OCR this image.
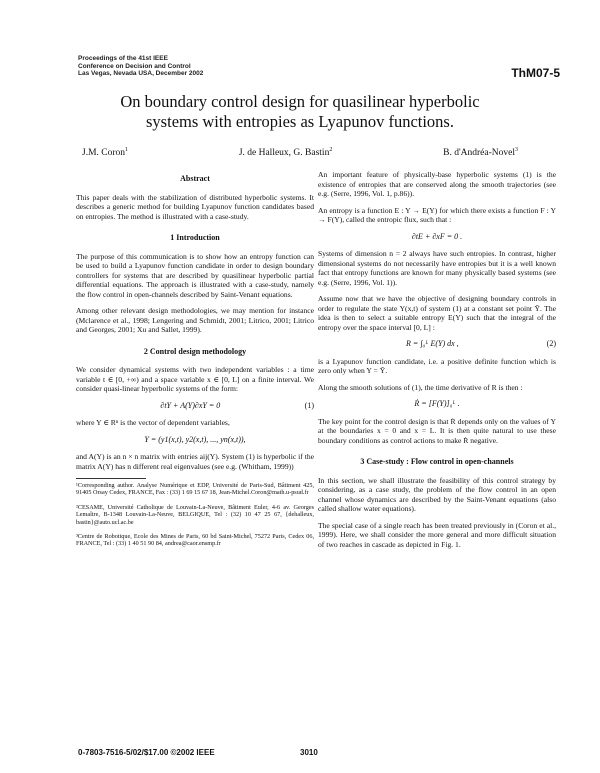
Proceedings of the 41st IEEE
Conference on Decision and Control
Las Vegas, Nevada USA, December 2002	ThM07-5
On boundary control design for quasilinear hyperbolic
systems with entropies as Lyapunov functions.
J.M. Coron$^1$	J. de Halleux, G. Bastin$^2$	B. d'Andréa-Novel$^3$
Abstract

This paper deals with the stabilization of distributed hyperbolic systems. It describes a generic method for building Lyapunov function candidates based on entropies. The method is illustrated with a case-study.

1 Introduction

The purpose of this communication is to show how an entropy function can be used to build a Lyapunov function candidate in order to design boundary controllers for systems that are described by quasilinear hyperbolic partial differential equations. The approach is illustrated with a case-study, namely the flow control in open-channels described by Saint-Venant equations.

Among other relevant design methodologies, we may mention for instance (Mclarence et al., 1998; Lengering and Schmidt, 2001; Litrico, 2001; Litrico and Georges, 2001; Xu and Sallet, 1999).

2 Control design methodology

We consider dynamical systems with two independent variables : a time variable t ∈ [0, +∞) and a space variable x ∈ [0, L] on a finite interval. We consider quasi-linear hyperbolic systems of the form:

∂tY + A(Y)∂xY = 0	(1)

where Y ∈ Rⁿ is the vector of dependent variables,

Y = (y1(x,t), y2(x,t), ..., yn(x,t)),

and A(Y) is an n × n matrix with entries aij(Y). System (1) is hyperbolic if the matrix A(Y) has n different real eigenvalues (see e.g. (Whitham, 1999))

¹Corresponding author. Analyse Numérique et EDP, Université de Paris-Sud, Bâtiment 425, 91405 Orsay Cedex, FRANCE, Fax : (33) 1 69 15 67 18, Jean-Michel.Coron@math.u-psud.fr

²CESAME, Université Catholique de Louvain-La-Neuve, Bâtiment Euler, 4-6 av. Georges Lemaître, B-1348 Louvain-La-Neuve, BELGIQUE, Tel : (32) 10 47 25 67, {dehalleux, bastin}@auto.ucl.ac.be

³Centre de Robotique, Ecole des Mines de Paris, 60 bd Saint-Michel, 75272 Paris, Cedex 06, FRANCE, Tel : (33) 1 40 51 90 84, andrea@caor.ensmp.fr

An important feature of physically-base hyperbolic systems (1) is the existence of entropies that are conserved along the smooth trajectories (see e.g. (Serre, 1996, Vol. 1, p.86)).

An entropy is a function E : Y → E(Y) for which there exists a function F : Y → F(Y), called the entropic flux, such that :

∂tE + ∂xF = 0 .

Systems of dimension n = 2 always have such entropies. In contrast, higher dimensional systems do not necessarily have entropies but it is a well known fact that entropy functions are known for many physically based systems (see e.g. (Serre, 1996, Vol. 1)).

Assume now that we have the objective of designing boundary controls in order to regulate the state Y(x,t) of system (1) at a constant set point Ȳ. The idea is then to select a suitable entropy E(Y) such that the integral of the entropy over the space interval [0, L] :

R = ∫₀ᴸ E(Y) dx ,	(2)

is a Lyapunov function candidate, i.e. a positive definite function which is zero only when Y = Ȳ.

Along the smooth solutions of (1), the time derivative of R is then :

Ṙ = [F(Y)]₀ᴸ .

The key point for the control design is that Ṙ depends only on the values of Y at the boundaries x = 0 and x = L. It is then quite natural to use these boundary conditions as control actions to make Ṙ negative.

3 Case-study : Flow control in open-channels

In this section, we shall illustrate the feasibility of this control strategy by considering, as a case study, the problem of the flow control in an open channel whose dynamics are described by the Saint-Venant equations (also called shallow water equations).

The special case of a single reach has been treated previously in (Coron et al., 1999). Here, we shall consider the more general and more difficult situation of two reaches in cascade as depicted in Fig. 1.

0-7803-7516-5/02/$17.00 ©2002 IEEE	3010
